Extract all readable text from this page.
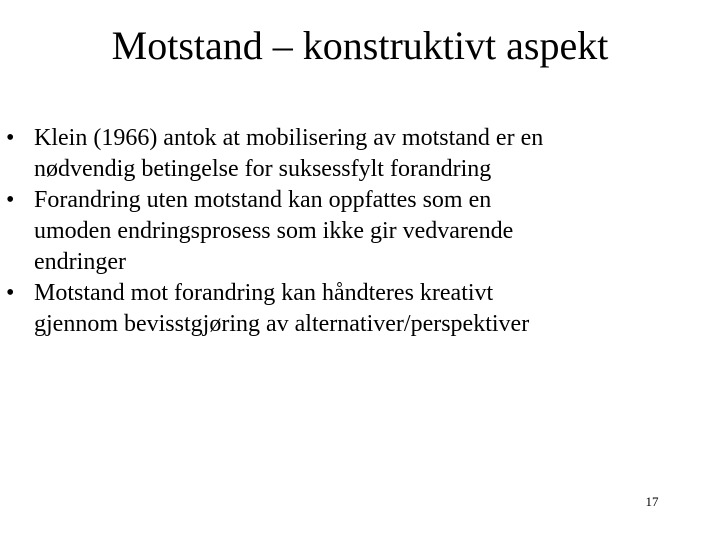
Motstand – konstruktivt aspekt
• Klein (1966) antok at mobilisering av motstand er en
nødvendig betingelse for suksessfylt forandring
• Forandring uten motstand kan oppfattes som en
umoden endringsprosess som ikke gir vedvarende
endringer
• Motstand mot forandring kan håndteres kreativt
gjennom bevisstgjøring av alternativer/perspektiver
17
